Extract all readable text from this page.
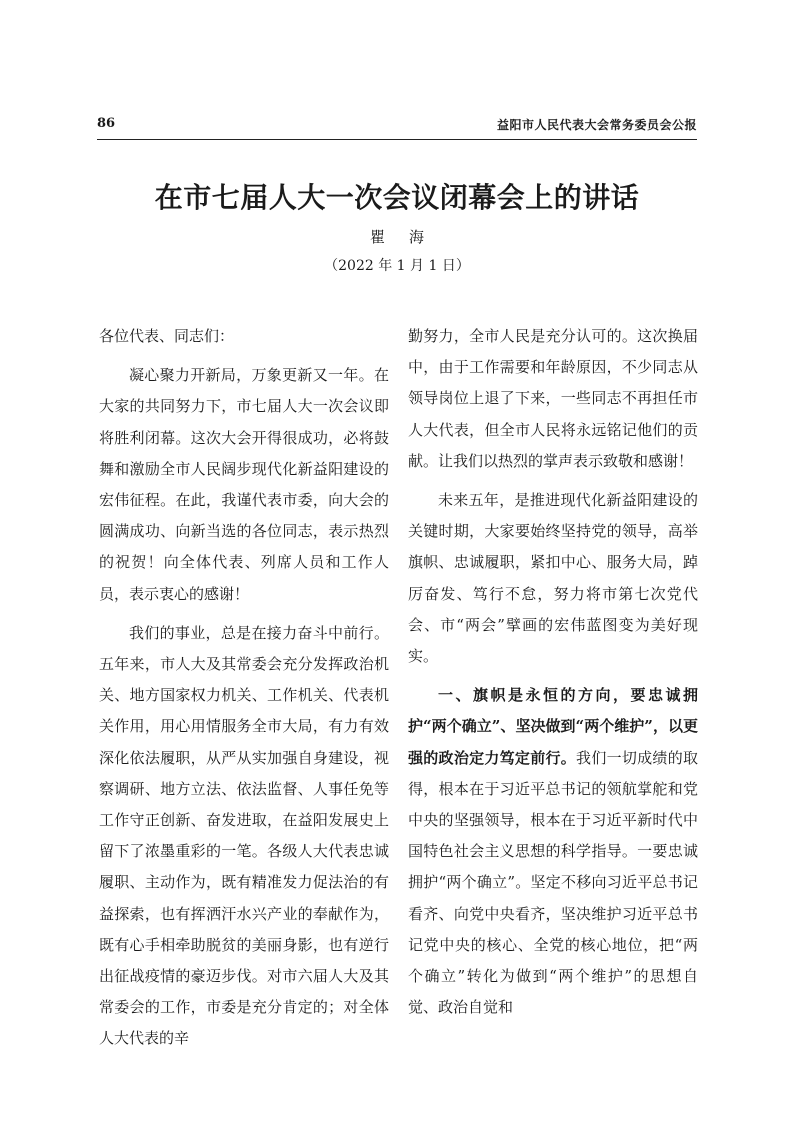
86	益阳市人民代表大会常务委员会公报
在市七届人大一次会议闭幕会上的讲话
瞿海
（2022 年 1 月 1 日）

各位代表、同志们：

凝心聚力开新局，万象更新又一年。在大家的共同努力下，市七届人大一次会议即将胜利闭幕。这次大会开得很成功，必将鼓舞和激励全市人民阔步现代化新益阳建设的宏伟征程。在此，我谨代表市委，向大会的圆满成功、向新当选的各位同志，表示热烈的祝贺！向全体代表、列席人员和工作人员，表示衷心的感谢！

我们的事业，总是在接力奋斗中前行。五年来，市人大及其常委会充分发挥政治机关、地方国家权力机关、工作机关、代表机关作用，用心用情服务全市大局，有力有效深化依法履职，从严从实加强自身建设，视察调研、地方立法、依法监督、人事任免等工作守正创新、奋发进取，在益阳发展史上留下了浓墨重彩的一笔。各级人大代表忠诚履职、主动作为，既有精准发力促法治的有益探索，也有挥洒汗水兴产业的奉献作为，既有心手相牵助脱贫的美丽身影，也有逆行出征战疫情的豪迈步伐。对市六届人大及其常委会的工作，市委是充分肯定的；对全体人大代表的辛

勤努力，全市人民是充分认可的。这次换届中，由于工作需要和年龄原因，不少同志从领导岗位上退了下来，一些同志不再担任市人大代表，但全市人民将永远铭记他们的贡献。让我们以热烈的掌声表示致敬和感谢！

未来五年，是推进现代化新益阳建设的关键时期，大家要始终坚持党的领导，高举旗帜、忠诚履职，紧扣中心、服务大局，踔厉奋发、笃行不怠，努力将市第七次党代会、市“两会”擘画的宏伟蓝图变为美好现实。

一、旗帜是永恒的方向，要忠诚拥护“两个确立”、坚决做到“两个维护”，以更强的政治定力笃定前行。我们一切成绩的取得，根本在于习近平总书记的领航掌舵和党中央的坚强领导，根本在于习近平新时代中国特色社会主义思想的科学指导。一要忠诚拥护“两个确立”。坚定不移向习近平总书记看齐、向党中央看齐，坚决维护习近平总书记党中央的核心、全党的核心地位，把“两个确立”转化为做到“两个维护”的思想自觉、政治自觉和
